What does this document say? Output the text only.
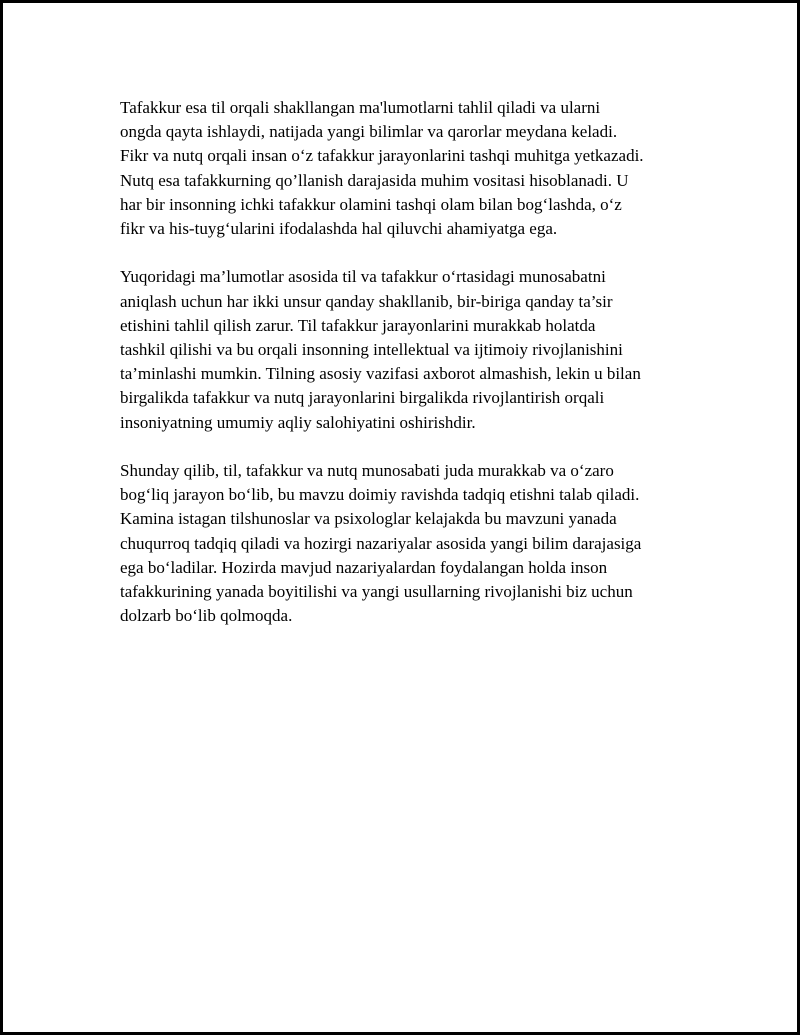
Tafakkur esa til orqali shakllangan ma'lumotlarni tahlil qiladi va ularni
ongda qayta ishlaydi, natijada yangi bilimlar va qarorlar meydana keladi.
Fikr va nutq orqali insan o‘z tafakkur jarayonlarini tashqi muhitga yetkazadi.
Nutq esa tafakkurning qo’llanish darajasida muhim vositasi hisoblanadi. U
har bir insonning ichki tafakkur olamini tashqi olam bilan bog‘lashda, o‘z
fikr va his-tuyg‘ularini ifodalashda hal qiluvchi ahamiyatga ega.

Yuqoridagi ma’lumotlar asosida til va tafakkur o‘rtasidagi munosabatni
aniqlash uchun har ikki unsur qanday shakllanib, bir-biriga qanday ta’sir
etishini tahlil qilish zarur. Til tafakkur jarayonlarini murakkab holatda
tashkil qilishi va bu orqali insonning intellektual va ijtimoiy rivojlanishini
ta’minlashi mumkin. Tilning asosiy vazifasi axborot almashish, lekin u bilan
birgalikda tafakkur va nutq jarayonlarini birgalikda rivojlantirish orqali
insoniyatning umumiy aqliy salohiyatini oshirishdir.

Shunday qilib, til, tafakkur va nutq munosabati juda murakkab va o‘zaro
bog‘liq jarayon bo‘lib, bu mavzu doimiy ravishda tadqiq etishni talab qiladi.
Kamina istagan tilshunoslar va psixologlar kelajakda bu mavzuni yanada
chuqurroq tadqiq qiladi va hozirgi nazariyalar asosida yangi bilim darajasiga
ega bo‘ladilar. Hozirda mavjud nazariyalardan foydalangan holda inson
tafakkurining yanada boyitilishi va yangi usullarning rivojlanishi biz uchun
dolzarb bo‘lib qolmoqda.
